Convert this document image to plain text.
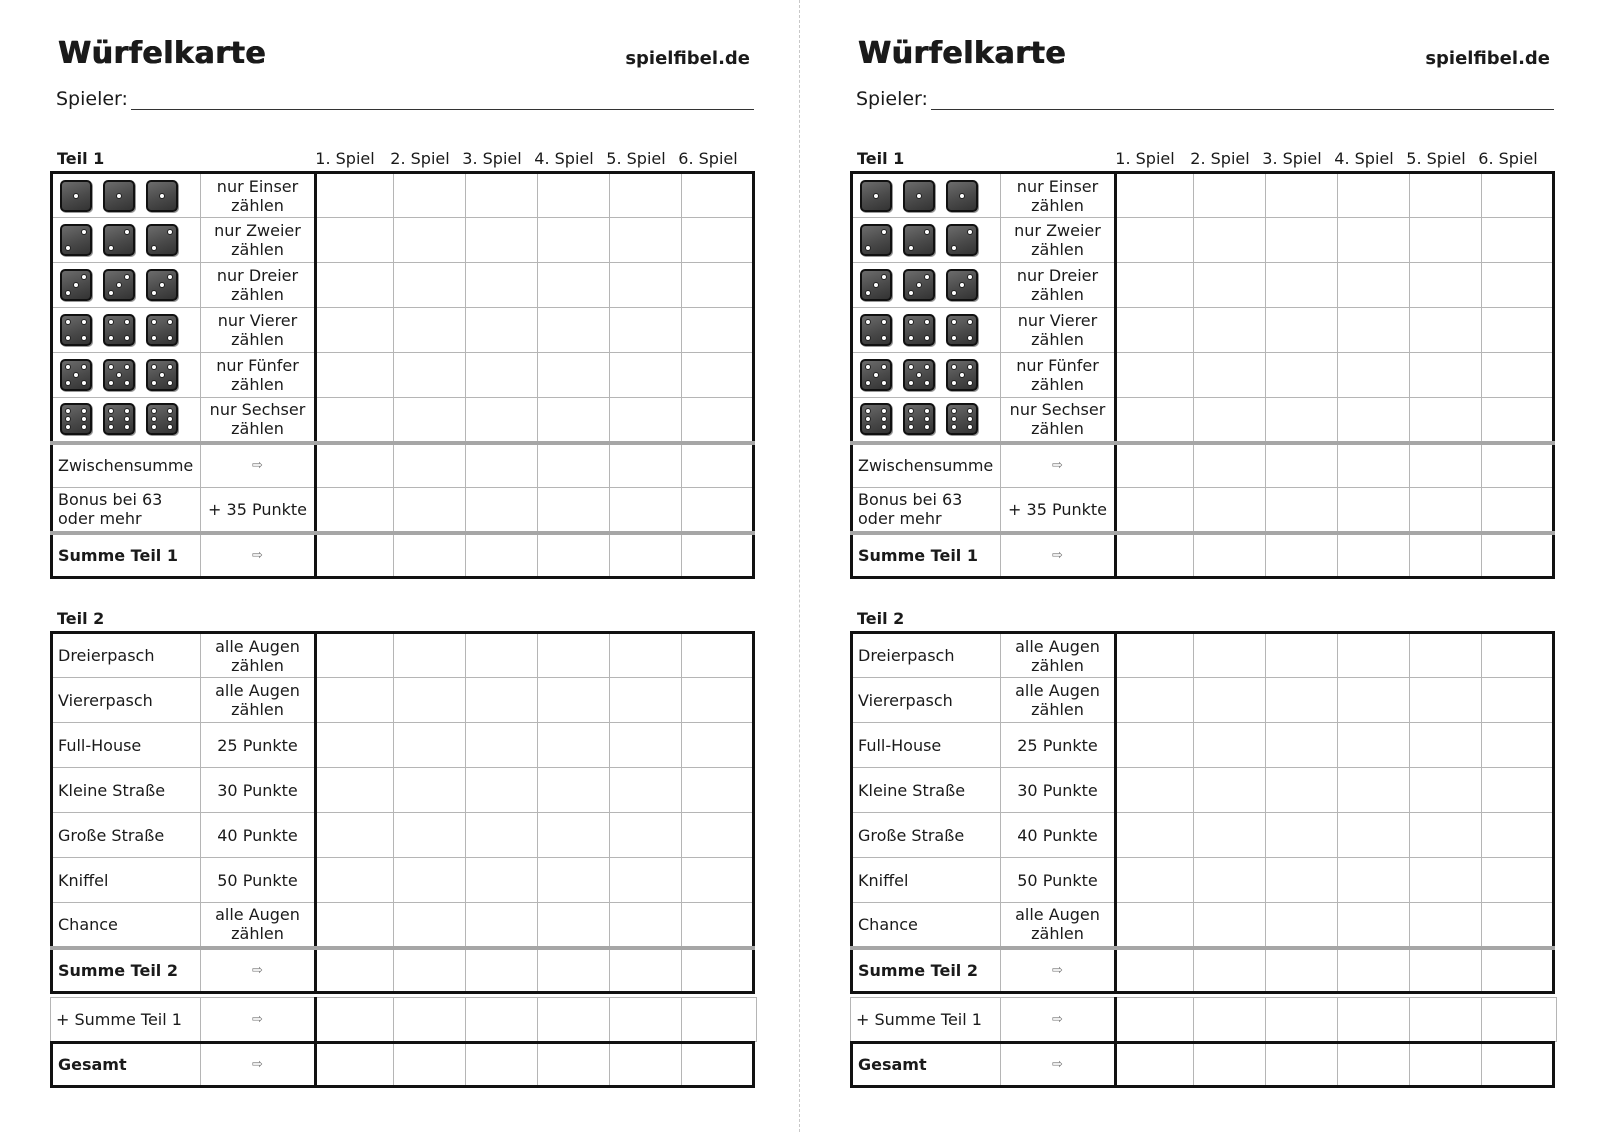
Würfelkarte	spielfibel.de
Spieler:
Teil 1	1. Spiel 2. Spiel 3. Spiel 4. Spiel 5. Spiel 6. Spiel
	nur Einser zählen						

	nur Zweier zählen						

	nur Dreier zählen						

	nur Vierer zählen						

	nur Fünfer zählen						

	nur Sechser zählen						
Zwischensumme	⇨						
Bonus bei 63 oder mehr	+ 35 Punkte						
Summe Teil 1	⇨						
Teil 2
Dreierpasch	alle Augen zählen						
Viererpasch	alle Augen zählen						
Full-House	25 Punkte						
Kleine Straße	30 Punkte						
Große Straße	40 Punkte						
Kniffel	50 Punkte						
Chance	alle Augen zählen						
Summe Teil 2	⇨						
+ Summe Teil 1	⇨						
Gesamt	⇨						
Würfelkarte	spielfibel.de
Spieler:
Teil 1	1. Spiel 2. Spiel 3. Spiel 4. Spiel 5. Spiel 6. Spiel
	nur Einser zählen						

	nur Zweier zählen						

	nur Dreier zählen						

	nur Vierer zählen						

	nur Fünfer zählen						

	nur Sechser zählen						
Zwischensumme	⇨						
Bonus bei 63 oder mehr	+ 35 Punkte						
Summe Teil 1	⇨						
Teil 2
Dreierpasch	alle Augen zählen						
Viererpasch	alle Augen zählen						
Full-House	25 Punkte						
Kleine Straße	30 Punkte						
Große Straße	40 Punkte						
Kniffel	50 Punkte						
Chance	alle Augen zählen						
Summe Teil 2	⇨						
+ Summe Teil 1	⇨						
Gesamt	⇨						
